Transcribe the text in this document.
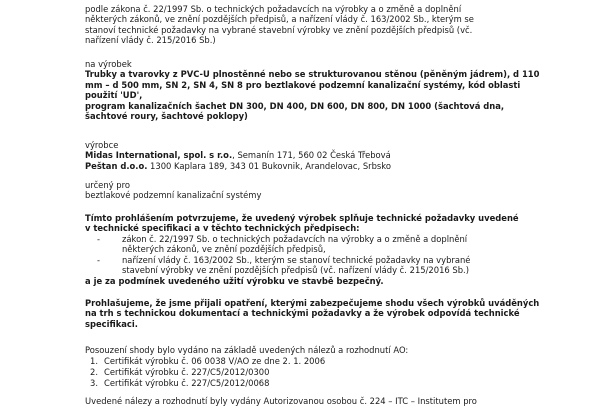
podle zákona č. 22/1997 Sb. o technických požadavcích na výrobky a o změně a doplnění
některých zákonů, ve znění pozdějších předpisů, a nařízení vlády č. 163/2002 Sb., kterým se
stanoví technické požadavky na vybrané stavební výrobky ve znění pozdějších předpisů (vč.
nařízení vlády č. 215/2016 Sb.)
na výrobek
Trubky a tvarovky z PVC-U plnostěnné nebo se strukturovanou stěnou (pěněným jádrem), d 110
mm – d 500 mm, SN 2, SN 4, SN 8 pro beztlakové podzemní kanalizační systémy, kód oblasti
použití 'UD',
program kanalizačních šachet DN 300, DN 400, DN 600, DN 800, DN 1000 (šachtová dna,
šachtové roury, šachtové poklopy)
výrobce
Midas International, spol. s r.o., Semanín 171, 560 02 Česká Třebová
Peštan d.o.o. 1300 Kaplara 189, 343 01 Bukovnik, Arandelovac, Srbsko
určený pro
beztlakové podzemní kanalizační systémy
Tímto prohlášením potvrzujeme, že uvedený výrobek splňuje technické požadavky uvedené
v technické specifikaci a v těchto technických předpisech:
-	zákon č. 22/1997 Sb. o technických požadavcích na výrobky a o změně a doplnění
některých zákonů, ve znění pozdějších předpisů,
-	nařízení vlády č. 163/2002 Sb., kterým se stanoví technické požadavky na vybrané
stavební výrobky ve znění pozdějších předpisů (vč. nařízení vlády č. 215/2016 Sb.)
a je za podmínek uvedeného užití výrobku ve stavbě bezpečný.
Prohlašujeme, že jsme přijali opatření, kterými zabezpečujeme shodu všech výrobků uváděných
na trh s technickou dokumentací a technickými požadavky a že výrobek odpovídá technické
specifikaci.
Posouzení shody bylo vydáno na základě uvedených nálezů a rozhodnutí AO:
1. Certifikát výrobku č. 06 0038 V/AO ze dne 2. 1. 2006
2. Certifikát výrobku č. 227/C5/2012/0300
3. Certifikát výrobku č. 227/C5/2012/0068
Uvedené nálezy a rozhodnutí byly vydány Autorizovanou osobou č. 224 – ITC – Institutem pro
